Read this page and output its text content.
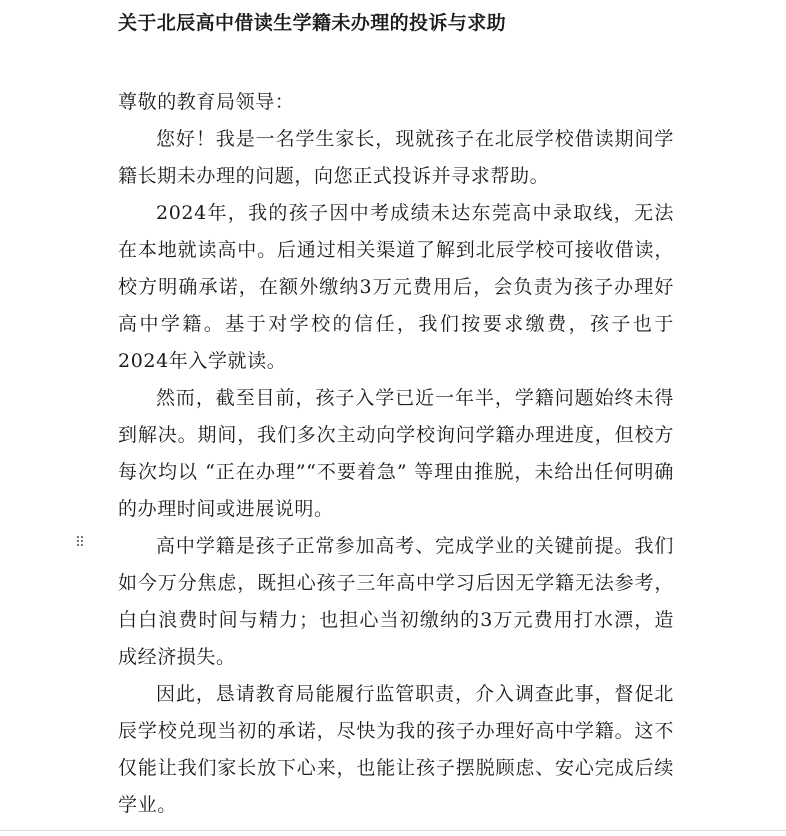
关于北辰高中借读生学籍未办理的投诉与求助

尊敬的教育局领导：

您好！我是一名学生家长，现就孩子在北辰学校借读期间学籍长期未办理的问题，向您正式投诉并寻求帮助。

2024年，我的孩子因中考成绩未达东莞高中录取线，无法在本地就读高中。后通过相关渠道了解到北辰学校可接收借读，校方明确承诺，在额外缴纳3万元费用后，会负责为孩子办理好高中学籍。基于对学校的信任，我们按要求缴费，孩子也于2024年入学就读。

然而，截至目前，孩子入学已近一年半，学籍问题始终未得到解决。期间，我们多次主动向学校询问学籍办理进度，但校方每次均以 “正在办理”“不要着急” 等理由推脱，未给出任何明确的办理时间或进展说明。

高中学籍是孩子正常参加高考、完成学业的关键前提。我们如今万分焦虑，既担心孩子三年高中学习后因无学籍无法参考，白白浪费时间与精力；也担心当初缴纳的3万元费用打水漂，造成经济损失。

因此，恳请教育局能履行监管职责，介入调查此事，督促北辰学校兑现当初的承诺，尽快为我的孩子办理好高中学籍。这不仅能让我们家长放下心来，也能让孩子摆脱顾虑、安心完成后续学业。

⠿
